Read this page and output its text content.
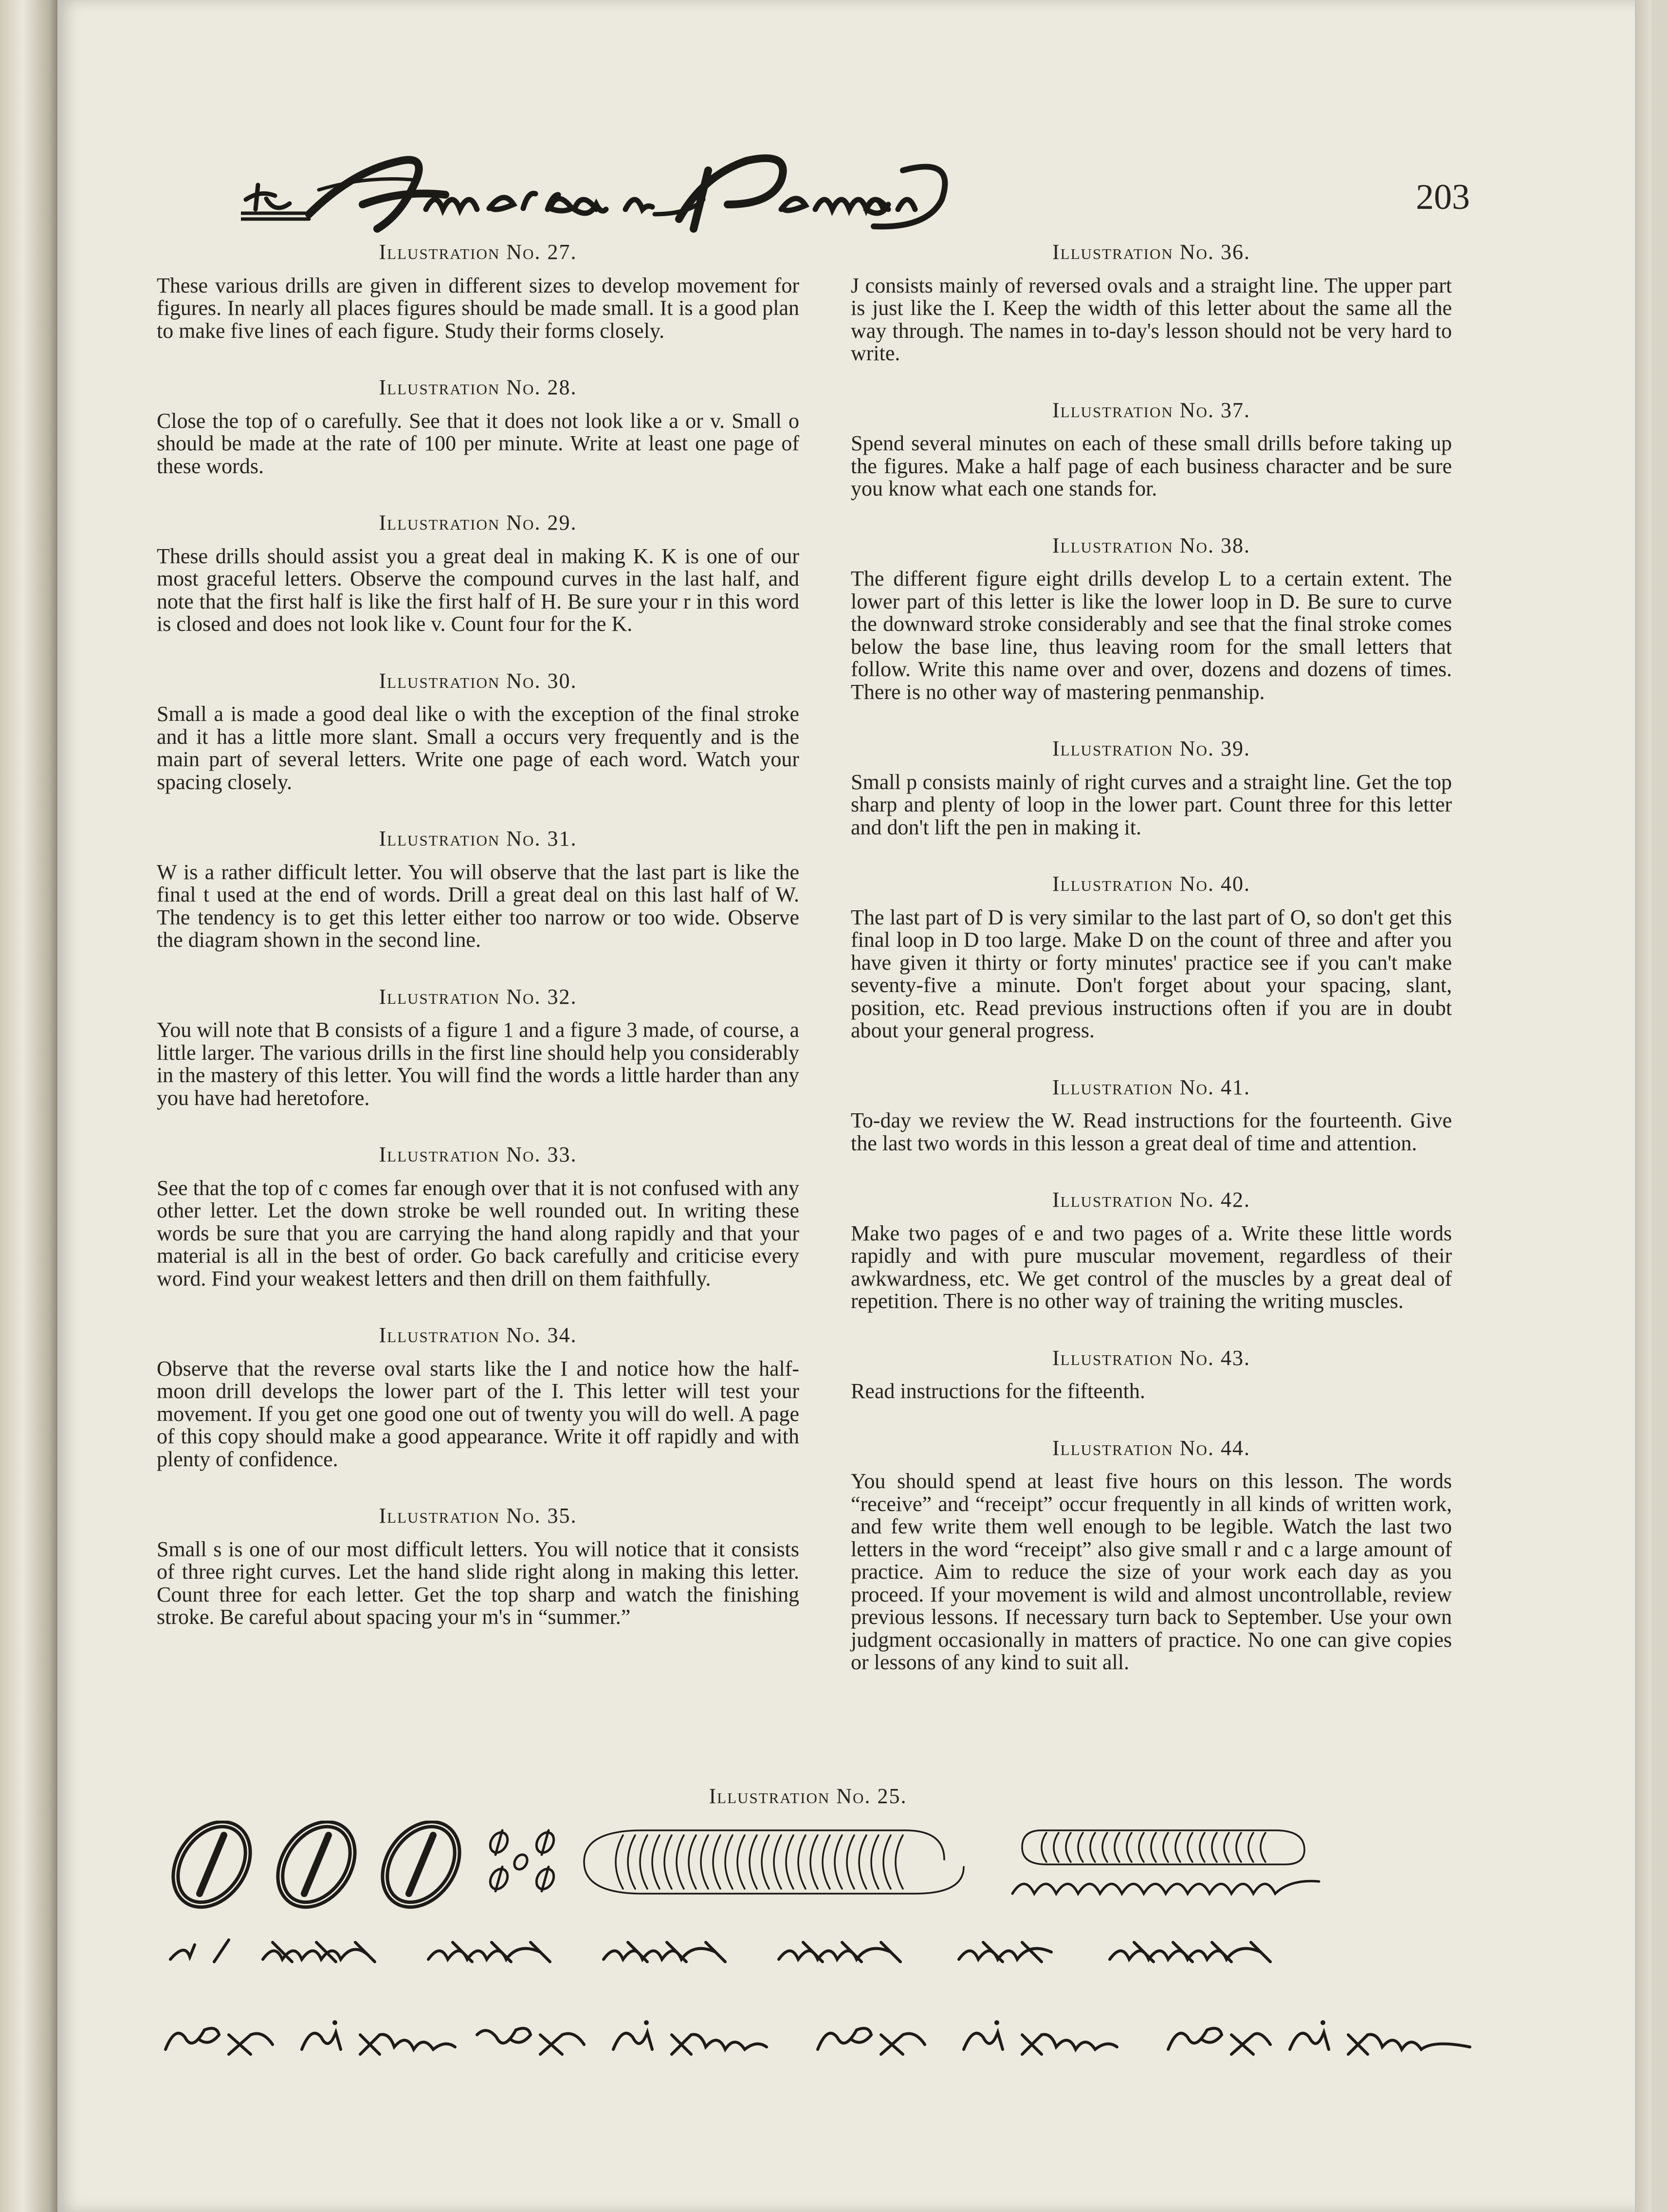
203
Illustration No. 27.

These various drills are given in different sizes to develop movement for figures. In nearly all places figures should be made small. It is a good plan to make five lines of each figure. Study their forms closely.

Illustration No. 28.

Close the top of o carefully. See that it does not look like a or v. Small o should be made at the rate of 100 per minute. Write at least one page of these words.

Illustration No. 29.

These drills should assist you a great deal in making K. K is one of our most graceful letters. Observe the compound curves in the last half, and note that the first half is like the first half of H. Be sure your r in this word is closed and does not look like v. Count four for the K.

Illustration No. 30.

Small a is made a good deal like o with the exception of the final stroke and it has a little more slant. Small a occurs very frequently and is the main part of several letters. Write one page of each word. Watch your spacing closely.

Illustration No. 31.

W is a rather difficult letter. You will observe that the last part is like the final t used at the end of words. Drill a great deal on this last half of W. The tendency is to get this letter either too narrow or too wide. Observe the diagram shown in the second line.

Illustration No. 32.

You will note that B consists of a figure 1 and a figure 3 made, of course, a little larger. The various drills in the first line should help you considerably in the mastery of this letter. You will find the words a little harder than any you have had heretofore.

Illustration No. 33.

See that the top of c comes far enough over that it is not confused with any other letter. Let the down stroke be well rounded out. In writing these words be sure that you are carrying the hand along rapidly and that your material is all in the best of order. Go back carefully and criticise every word. Find your weakest letters and then drill on them faithfully.

Illustration No. 34.

Observe that the reverse oval starts like the I and notice how the half-moon drill develops the lower part of the I. This letter will test your movement. If you get one good one out of twenty you will do well. A page of this copy should make a good appearance. Write it off rapidly and with plenty of confidence.

Illustration No. 35.

Small s is one of our most difficult letters. You will notice that it consists of three right curves. Let the hand slide right along in making this letter. Count three for each letter. Get the top sharp and watch the finishing stroke. Be careful about spacing your m's in “summer.”

Illustration No. 36.

J consists mainly of reversed ovals and a straight line. The upper part is just like the I. Keep the width of this letter about the same all the way through. The names in to-day's lesson should not be very hard to write.

Illustration No. 37.

Spend several minutes on each of these small drills before taking up the figures. Make a half page of each business character and be sure you know what each one stands for.

Illustration No. 38.

The different figure eight drills develop L to a certain extent. The lower part of this letter is like the lower loop in D. Be sure to curve the downward stroke considerably and see that the final stroke comes below the base line, thus leaving room for the small letters that follow. Write this name over and over, dozens and dozens of times. There is no other way of mastering penmanship.

Illustration No. 39.

Small p consists mainly of right curves and a straight line. Get the top sharp and plenty of loop in the lower part. Count three for this letter and don't lift the pen in making it.

Illustration No. 40.

The last part of D is very similar to the last part of O, so don't get this final loop in D too large. Make D on the count of three and after you have given it thirty or forty minutes' practice see if you can't make seventy-five a minute. Don't forget about your spacing, slant, position, etc. Read previous instructions often if you are in doubt about your general progress.

Illustration No. 41.

To-day we review the W. Read instructions for the fourteenth. Give the last two words in this lesson a great deal of time and attention.

Illustration No. 42.

Make two pages of e and two pages of a. Write these little words rapidly and with pure muscular movement, regardless of their awkwardness, etc. We get control of the muscles by a great deal of repetition. There is no other way of training the writing muscles.

Illustration No. 43.

Read instructions for the fifteenth.

Illustration No. 44.

You should spend at least five hours on this lesson. The words “receive” and “receipt” occur frequently in all kinds of written work, and few write them well enough to be legible. Watch the last two letters in the word “receipt” also give small r and c a large amount of practice. Aim to reduce the size of your work each day as you proceed. If your movement is wild and almost uncontrollable, review previous lessons. If necessary turn back to September. Use your own judgment occasionally in matters of practice. No one can give copies or lessons of any kind to suit all.

Illustration No. 25.
